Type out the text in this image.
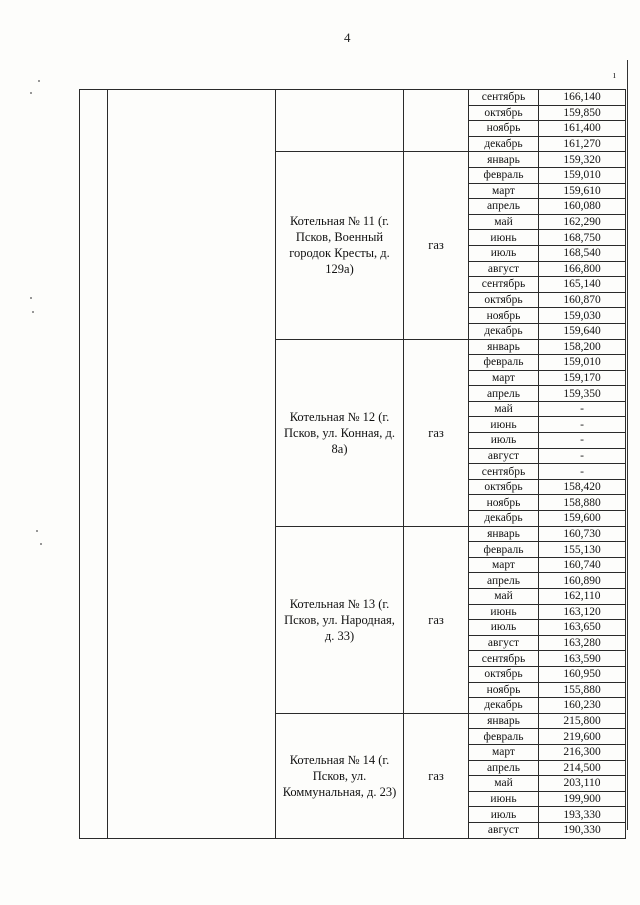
4
ı
				сентябрь	166,140
				октябрь	159,850
				ноябрь	161,400
				декабрь	161,270
		Котельная № 11 (г. Псков, Военный городок Кресты, д. 129а)	газ	январь	159,320
				февраль	159,010
				март	159,610
				апрель	160,080
				май	162,290
				июнь	168,750
				июль	168,540
				август	166,800
				сентябрь	165,140
				октябрь	160,870
				ноябрь	159,030
				декабрь	159,640
		Котельная № 12 (г. Псков, ул. Конная, д. 8а)	газ	январь	158,200
				февраль	159,010
				март	159,170
				апрель	159,350
				май	-
				июнь	-
				июль	-
				август	-
				сентябрь	-
				октябрь	158,420
				ноябрь	158,880
				декабрь	159,600
		Котельная № 13 (г. Псков, ул. Народная, д. 33)	газ	январь	160,730
				февраль	155,130
				март	160,740
				апрель	160,890
				май	162,110
				июнь	163,120
				июль	163,650
				август	163,280
				сентябрь	163,590
				октябрь	160,950
				ноябрь	155,880
				декабрь	160,230
		Котельная № 14 (г. Псков, ул. Коммунальная, д. 23)	газ	январь	215,800
				февраль	219,600
				март	216,300
				апрель	214,500
				май	203,110
				июнь	199,900
				июль	193,330
				август	190,330
